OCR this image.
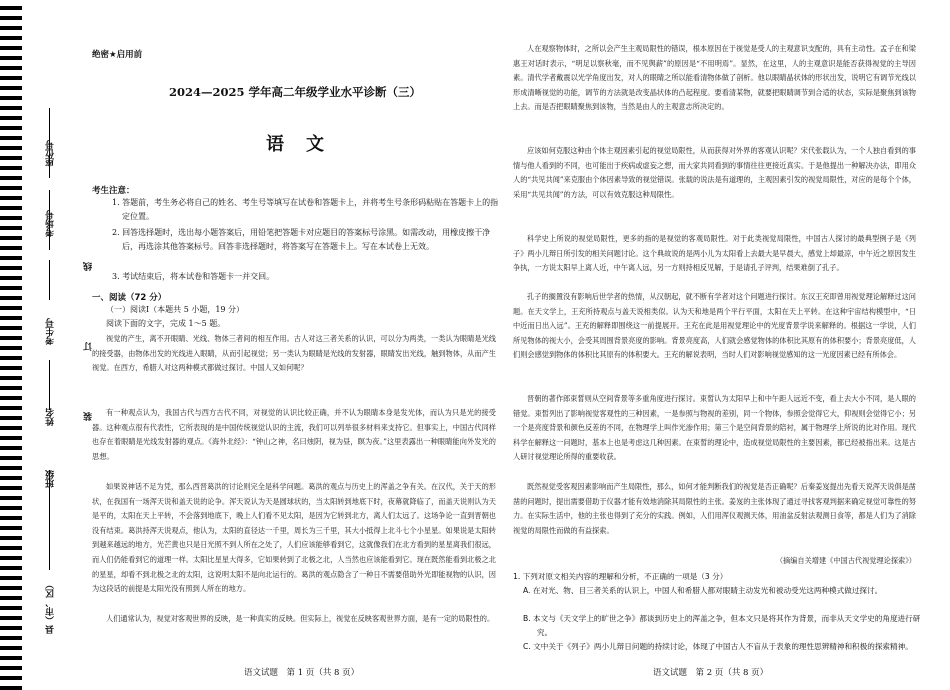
座位号
考场号
考生号
姓名
班级
县（市、区）
线
订
装
绝密★启用前
2024—2025 学年高二年级学业水平诊断（三）
语文
考生注意：
1. 答题前，考生务必将自己的姓名、考生号等填写在试卷和答题卡上，并将考生号条形码粘贴在答题卡上的指定位置。
2. 回答选择题时，选出每小题答案后，用铅笔把答题卡对应题目的答案标号涂黑。如需改动，用橡皮擦干净后，再选涂其他答案标号。回答非选择题时，将答案写在答题卡上。写在本试卷上无效。
3. 考试结束后，将本试卷和答题卡一并交回。
一、阅读（72 分）
（一）阅读Ⅰ（本题共 5 小题，19 分）
阅读下面的文字，完成 1～5 题。
视觉的产生，离不开眼睛、光线、物体三者间的相互作用。古人对这三者关系的认识，可以分为两类，一类认为眼睛是光线的接受器，由物体出发的光线进入眼睛，从而引起视觉；另一类认为眼睛是光线的发射器，眼睛发出光线，触到物体，从而产生视觉。在西方，希腊人对这两种模式都做过探讨。中国人又如何呢？
有一种观点认为，我国古代与西方古代不同，对视觉的认识比较正确，并不认为眼睛本身是发光体，而认为只是光的接受器。这种观点很有代表性，它所表现的是中国传统视觉认识的主流，我们可以列举很多材料来支持它。但事实上，中国古代同样也存在着眼睛是光线发射器的观点。《海外北经》：“钟山之神，名曰烛阴，视为昼，瞑为夜。”这里表露出一种眼睛能向外发光的思想。
如果说神话不足为凭，那么西晋葛洪的讨论则完全是科学问题。葛洪的观点与历史上的浑盖之争有关。在汉代，关于天的形状，在我国有一场浑天说和盖天说的论争。浑天说认为天是圆球状的，当太阳转到地底下时，夜幕就降临了，而盖天说则认为天是平的，太阳在天上平转，不会落到地底下，晚上人们看不见太阳，是因为它转到北方，离人们太远了。这场争论一直到晋朝也没有结束。葛洪持浑天说观点，他认为，太阳的直径达一千里，周长为三千里，其大小抵得上北斗七个小星星。如果说是太阳转到越来越远的地方，光芒黄也只是日光照不到人所在之处了，人们应该能够看到它，这就像我们在北方看到的星星离我们很远，而人们仍能看到它的道理一样。太阳比星星大得多，它如果转到了北极之北，人当然也应该能看到它。现在既然能看到北极之北的星星，却看不到北极之北的太阳，这说明太阳不是向北运行的。葛洪的观点隐含了一种日不需要借助外光即能视物的认识，因为这段话的前提是太阳光没有照到人所在的地方。
人们通常认为，视觉对客观世界的反映，是一种真实的反映。但实际上，视觉在反映客观世界方面，是有一定的局限性的。
语文试题　第 1 页（共 8 页）
人在观察物体时，之所以会产生主观局限性的错误，根本原因在于视觉是受人的主观意识支配的，具有主动性。孟子在和梁惠王对话时表示，“明足以察秋毫，而不见舆薪”的原因是“不用明焉”。显然，在这里，人的主观意识是能否获得视觉的主导因素。清代学者戴震以光学角度出发，对人的眼睛之所以能看清物体做了剖析。他以眼睛晶状体的形状出发，说明它有调节光线以形成清晰视觉的功能，调节的方法就是改变晶状体的凸起程度。要看清某物，就要把眼睛调节到合适的状态，实际是聚焦到该物上去。而是否把眼睛聚焦到该物，当然是由人的主观意志所决定的。
应该如何克服这种由个体主观因素引起的视觉局限性，从而获得对外界的客观认识呢？宋代张载认为，一个人独自看到的事情与他人看到的不同，也可能出于疾病或虚妄之想，而大家共同看到的事情往往更接近真实。于是他提出一种解决办法，即用众人的“共见共闻”来克服由个体因素导致的视觉错误。张载的说法是有道理的，主观因素引发的视觉局限性，对应的是每个个体，采用“共见共闻”的方法，可以有效克服这种局限性。
科学史上所说的视觉局限性，更多的指的是视觉的客观局限性。对于此类视觉局限性，中国古人探讨的最典型例子是《列子》两小儿辩日所引发的相关问题讨论。这个典故说的是两小儿为太阳看上去最大是早晨大，感觉上却最凉，中午近之原因发生争执，一方说太阳早上离人近，中午离人远，另一方则持相反见解，于是请孔子评判，结果难倒了孔子。
孔子的搁置没有影响后世学者的热情，从汉朝起，就不断有学者对这个问题进行探讨。东汉王充即曾用视觉理论解释过这问题。在天文学上，王充所持观点与盖天说相类似。认为天和地是两个平行平面，太阳在天上平转。在这种宇宙结构模型中，“日中近而日出入远”。王充的解释即围绕这一前提展开。王充在此是用视觉理论中的光度背景学说来解释的。根据这一学说，人们所见物体的视大小，会受其周围背景亮度的影响。背景亮度高，人们就会感觉物体的体积比其原有的体积要小；背景亮度低，人们则会感觉到物体的体积比其原有的体积要大。王充的解说表明，当时人们对影响视觉感知的这一光度因素已经有所体会。
晋朝的著作郎束皙则从空间背景等多重角度进行探讨。束皙认为太阳早上和中午距人远近不变，看上去大小不同，是人眼的错觉。束皙列出了影响视觉客观性的三种因素，一是参照与物视的差别，同一个物体，参照会觉得它大，仰视则会觉得它小；另一个是亮度背景和颜色反差的不同，在物理学上叫作光渗作用；第三个是空间背景的陪衬，属于物理学上所说的比对作用。现代科学在解释这一问题时，基本上也是考虑这几种因素。在束皙的理论中，造成视觉局限性的主要因素，都已经被指出来。这是古人研讨视觉理论所得的重要收获。
既然视觉受客观因素影响而产生局限性，那么，如何才能判断我们的视觉是否正确呢？后秦姜岌提出先看天说浑天说俱是凿凿的问题时，提出需要借助于仪器才能有效地消除其局限性的主张。姜岌的主张体现了通过寻找客观判据来确定视觉可靠性的努力。在实际生活中，他的主张也得到了充分的实践。例如，人们用浑仪观测天体，用油盆反射法观测日食等，都是人们为了消除视觉的局限性而做的有益探索。
（摘编自关增建《中国古代视觉理论探索》）
1. 下列对原文相关内容的理解和分析，不正确的一项是（3 分）
A. 在对光、物、目三者关系的认识上，中国人和希腊人都对眼睛主动发光和被动受光这两种模式做过探讨。
B. 本文与《天文学上的旷世之争》都谈到历史上的浑盖之争，但本文只是将其作为背景，而非从天文学史的角度进行研究。
C. 文中关于《列子》两小儿辩日问题的持续讨论，体现了中国古人不盲从于表象的理性思辨精神和积极的探索精神。
语文试题　第 2 页（共 8 页）
